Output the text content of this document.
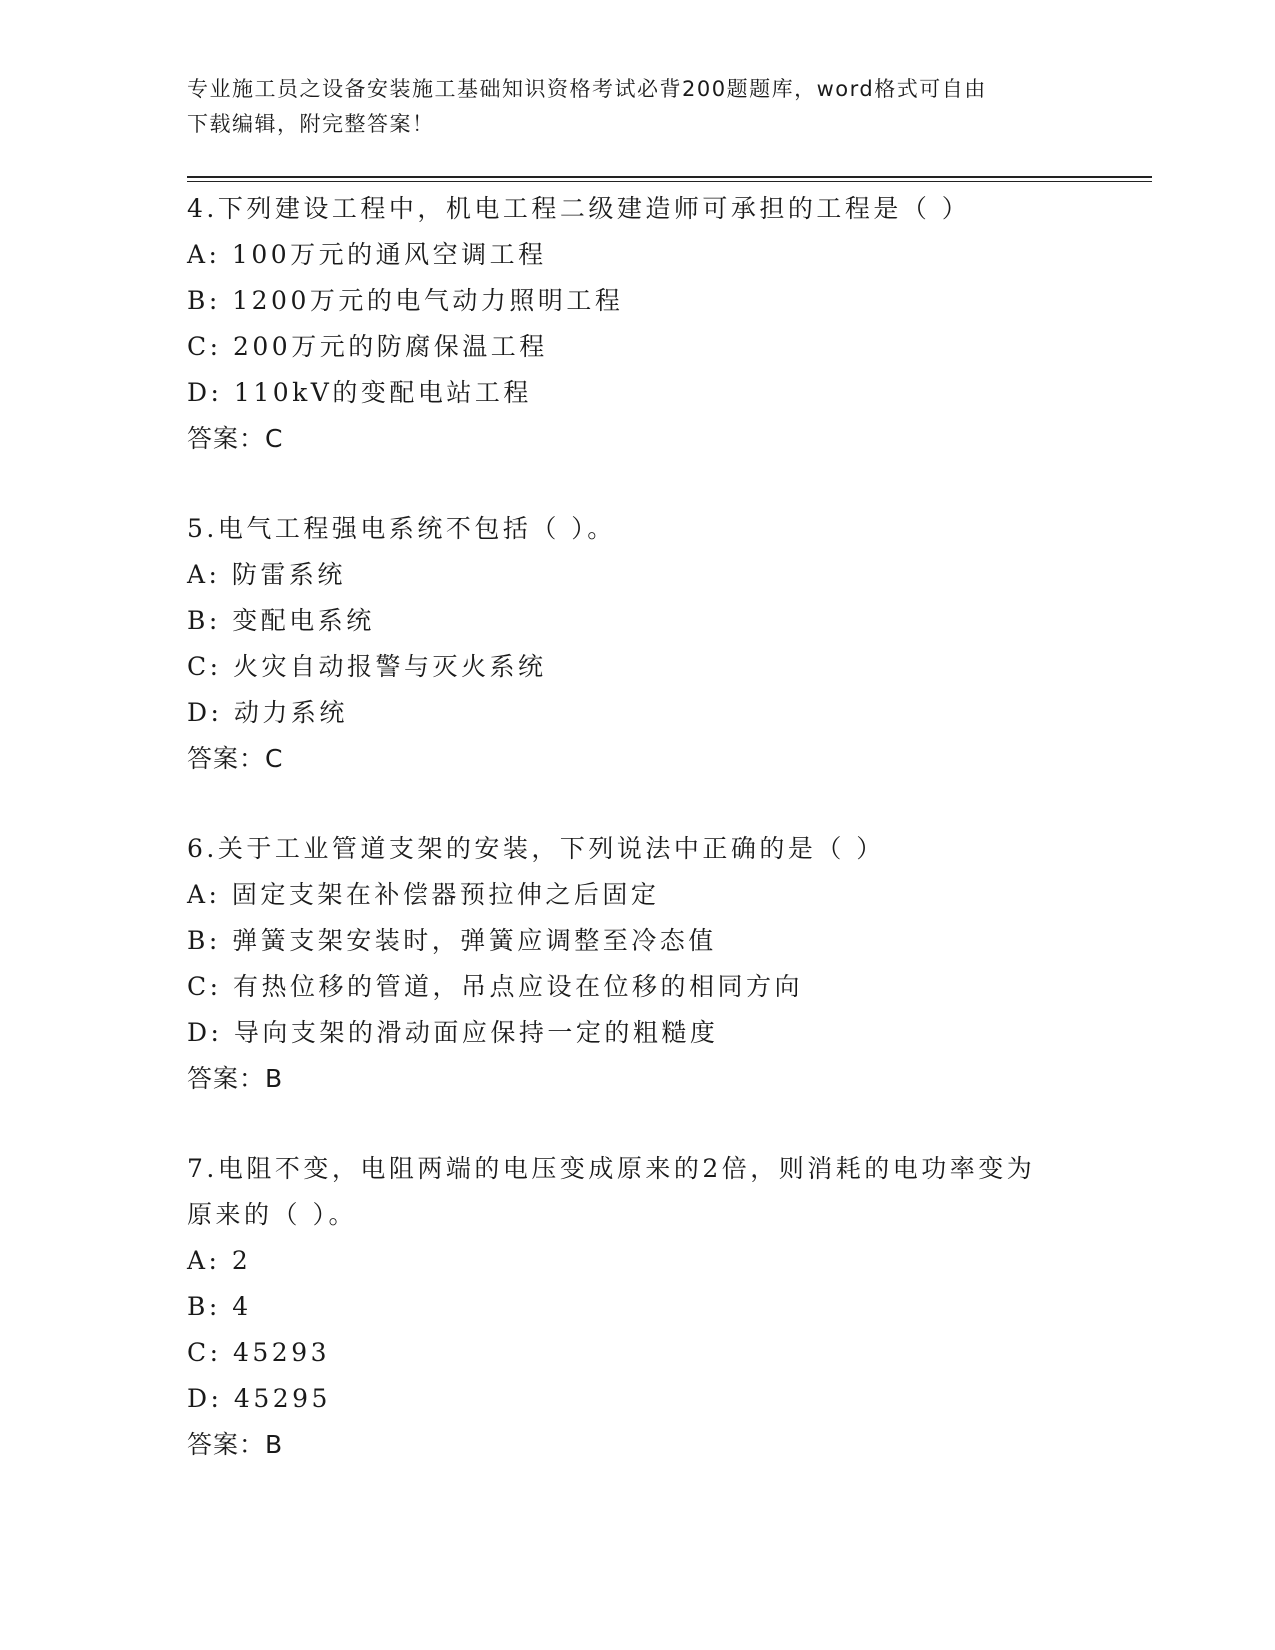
专业施工员之设备安装施工基础知识资格考试必背200题题库，word格式可自由
下载编辑，附完整答案！
4.下列建设工程中，机电工程二级建造师可承担的工程是（ ）
A: 100万元的通风空调工程
B: 1200万元的电气动力照明工程
C: 200万元的防腐保温工程
D: 110kV的变配电站工程
答案：C
5.电气工程强电系统不包括（ ）。
A: 防雷系统
B: 变配电系统
C: 火灾自动报警与灭火系统
D: 动力系统
答案：C
6.关于工业管道支架的安装，下列说法中正确的是（ ）
A: 固定支架在补偿器预拉伸之后固定
B: 弹簧支架安装时，弹簧应调整至冷态值
C: 有热位移的管道，吊点应设在位移的相同方向
D: 导向支架的滑动面应保持一定的粗糙度
答案：B
7.电阻不变，电阻两端的电压变成原来的2倍，则消耗的电功率变为
原来的（ ）。
A: 2
B: 4
C: 45293
D: 45295
答案：B
